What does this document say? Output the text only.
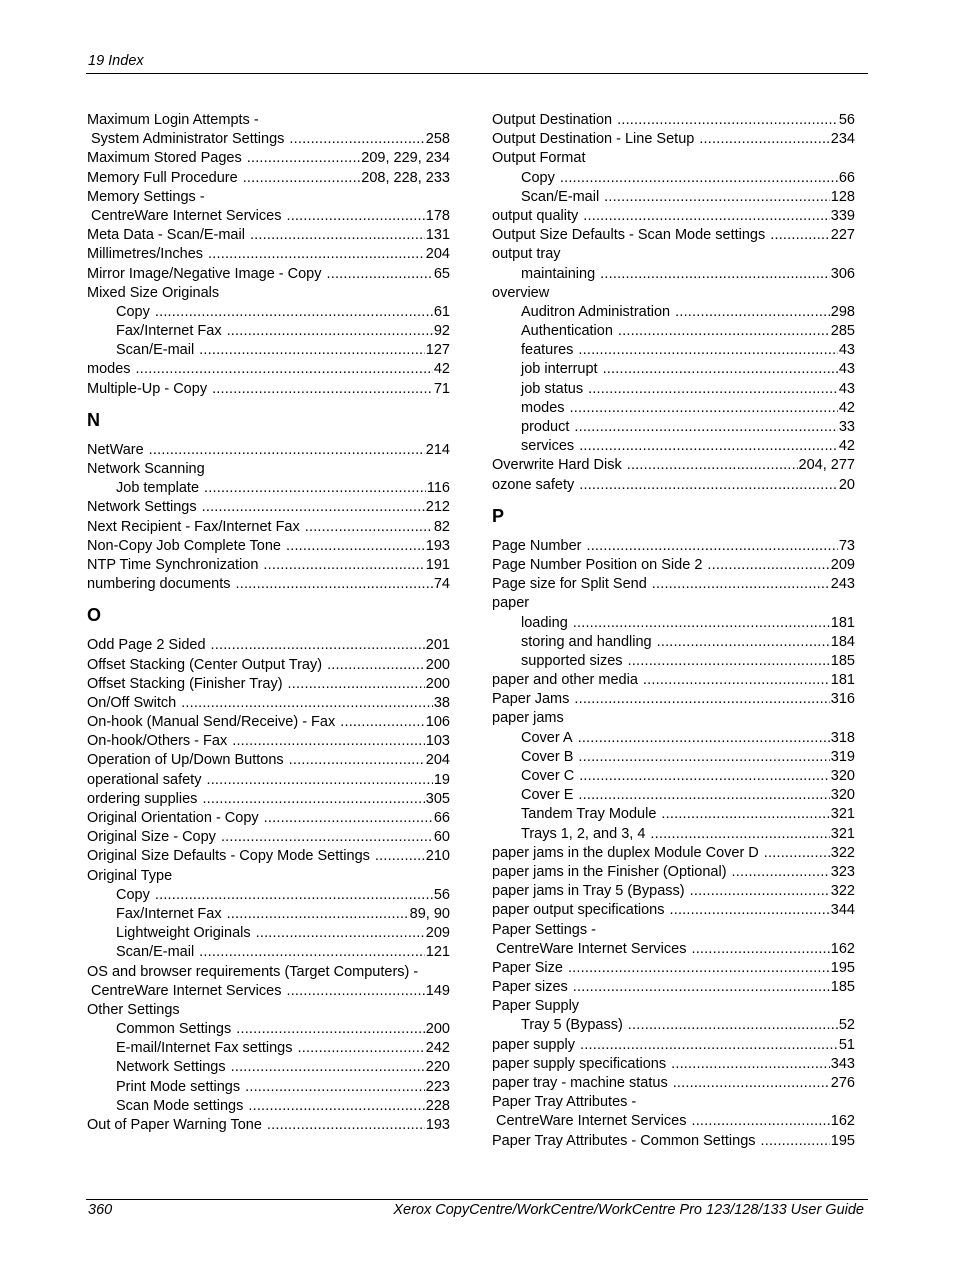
19 Index
Maximum Login Attempts -
System Administrator Settings .....	258
Maximum Stored Pages .....	209, 229, 234
Memory Full Procedure .....	208, 228, 233
Memory Settings -
CentreWare Internet Services .....	178
Meta Data - Scan/E-mail .....	131
Millimetres/Inches .....	204
Mirror Image/Negative Image - Copy .....	65
Mixed Size Originals
Copy .....	61
Fax/Internet Fax .....	92
Scan/E-mail .....	127
modes .....	42
Multiple-Up - Copy .....	71
N
NetWare .....	214
Network Scanning
Job template .....	116
Network Settings .....	212
Next Recipient - Fax/Internet Fax .....	82
Non-Copy Job Complete Tone .....	193
NTP Time Synchronization .....	191
numbering documents .....	74
O
Odd Page 2 Sided .....	201
Offset Stacking (Center Output Tray) .....	200
Offset Stacking (Finisher Tray) .....	200
On/Off Switch .....	38
On-hook (Manual Send/Receive) - Fax .....	106
On-hook/Others - Fax .....	103
Operation of Up/Down Buttons .....	204
operational safety .....	19
ordering supplies .....	305
Original Orientation - Copy .....	66
Original Size - Copy .....	60
Original Size Defaults - Copy Mode Settings .....	210
Original Type
Copy .....	56
Fax/Internet Fax .....	89, 90
Lightweight Originals .....	209
Scan/E-mail .....	121
OS and browser requirements (Target Computers) -
CentreWare Internet Services .....	149
Other Settings
Common Settings .....	200
E-mail/Internet Fax settings .....	242
Network Settings .....	220
Print Mode settings .....	223
Scan Mode settings .....	228
Out of Paper Warning Tone .....	193
Output Destination .....	56
Output Destination - Line Setup .....	234
Output Format
Copy .....	66
Scan/E-mail .....	128
output quality .....	339
Output Size Defaults - Scan Mode settings .....	227
output tray
maintaining .....	306
overview
Auditron Administration .....	298
Authentication .....	285
features .....	43
job interrupt .....	43
job status .....	43
modes .....	42
product .....	33
services .....	42
Overwrite Hard Disk .....	204, 277
ozone safety .....	20
P
Page Number .....	73
Page Number Position on Side 2 .....	209
Page size for Split Send .....	243
paper
loading .....	181
storing and handling .....	184
supported sizes .....	185
paper and other media .....	181
Paper Jams .....	316
paper jams
Cover A .....	318
Cover B .....	319
Cover C .....	320
Cover E .....	320
Tandem Tray Module .....	321
Trays 1, 2, and 3, 4 .....	321
paper jams in the duplex Module Cover D .....	322
paper jams in the Finisher (Optional) .....	323
paper jams in Tray 5 (Bypass) .....	322
paper output specifications .....	344
Paper Settings -
CentreWare Internet Services .....	162
Paper Size .....	195
Paper sizes .....	185
Paper Supply
Tray 5 (Bypass) .....	52
paper supply .....	51
paper supply specifications .....	343
paper tray - machine status .....	276
Paper Tray Attributes -
CentreWare Internet Services .....	162
Paper Tray Attributes - Common Settings .....	195
360	Xerox CopyCentre/WorkCentre/WorkCentre Pro 123/128/133 User Guide
